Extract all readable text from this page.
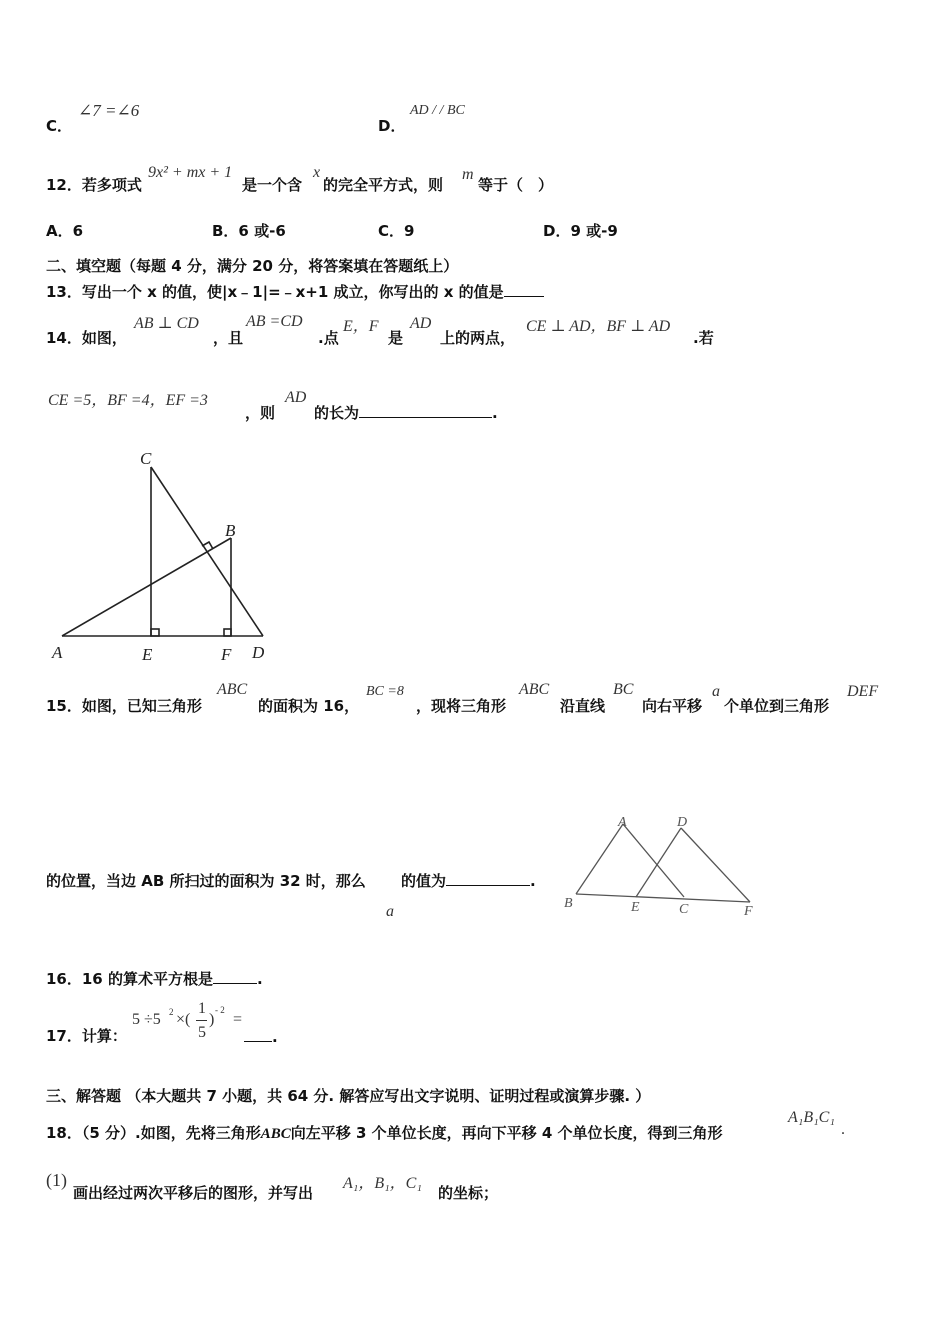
C．
∠7 =∠6
D．
AD / / BC
12．若多项式
9x² + mx + 1
是一个含
x
的完全平方式，则
m
等于（　）
A．6	B．6 或-6	C．9	D．9 或-9
二、填空题（每题 4 分，满分 20 分，将答案填在答题纸上）
13．写出一个 x 的值，使|x﹣1|=﹣x+1 成立，你写出的 x 的值是
14．如图，
AB ⊥ CD
，且
AB =CD
.点
E，F
是
AD
上的两点，
CE ⊥ AD，BF ⊥ AD
.若
CE =5，BF =4，EF =3
，则
AD
的长为	.
C
B
A	E	F D
15．如图，已知三角形
ABC
的面积为 16，
BC =8
，现将三角形
ABC
沿直线
BC
向右平移
a
个单位到三角形
DEF
的位置，当边 AB 所扫过的面积为 32 时，那么 的值为	.
a
A	D
B	E	C	F
16．16 的算术平方根是	.
17．计算：
5 ÷5 2 ×(
1
5
)
- 2
=
.
三、解答题 （本大题共 7 小题，共 64 分. 解答应写出文字说明、证明过程或演算步骤. ）
18．（5 分）.如图，先将三角形ABC向左平移 3 个单位长度，再向下平移 4 个单位长度，得到三角形
A₁B₁C₁
.
(1)
画出经过两次平移后的图形，并写出
A₁，B₁，C₁
的坐标；
